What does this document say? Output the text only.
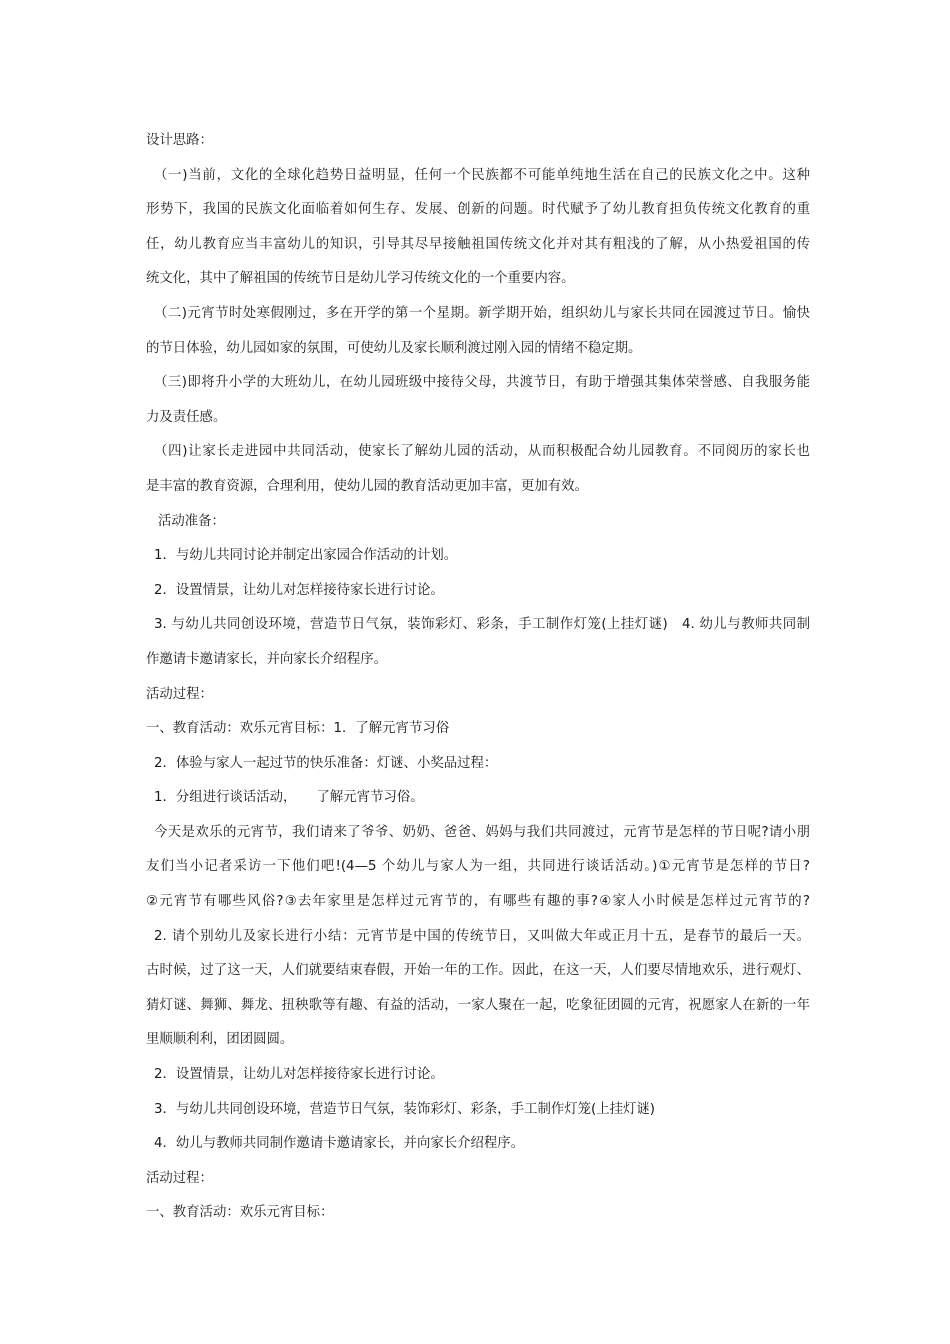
设计思路：
（一)当前，文化的全球化趋势日益明显，任何一个民族都不可能单纯地生活在自己的民族文化之中。这种
形势下，我国的民族文化面临着如何生存、发展、创新的问题。时代赋予了幼儿教育担负传统文化教育的重
任，幼儿教育应当丰富幼儿的知识，引导其尽早接触祖国传统文化并对其有粗浅的了解，从小热爱祖国的传
统文化，其中了解祖国的传统节日是幼儿学习传统文化的一个重要内容。
（二)元宵节时处寒假刚过，多在开学的第一个星期。新学期开始，组织幼儿与家长共同在园渡过节日。愉快
的节日体验，幼儿园如家的氛围，可使幼儿及家长顺利渡过刚入园的情绪不稳定期。
（三)即将升小学的大班幼儿，在幼儿园班级中接待父母，共渡节日，有助于增强其集体荣誉感、自我服务能
力及责任感。
（四)让家长走进园中共同活动，使家长了解幼儿园的活动，从而积极配合幼儿园教育。不同阅历的家长也
是丰富的教育资源，合理利用，使幼儿园的教育活动更加丰富，更加有效。
活动准备：
1．与幼儿共同讨论并制定出家园合作活动的计划。
2．设置情景，让幼儿对怎样接待家长进行讨论。
3. 与幼儿共同创设环境，营造节日气氛，装饰彩灯、彩条，手工制作灯笼(上挂灯谜)　4. 幼儿与教师共同制
作邀请卡邀请家长，并向家长介绍程序。
活动过程：
一、教育活动：欢乐元宵目标：1．了解元宵节习俗
2．体验与家人一起过节的快乐准备：灯谜、小奖品过程：
1．分组进行谈话活动，　　了解元宵节习俗。
今天是欢乐的元宵节，我们请来了爷爷、奶奶、爸爸、妈妈与我们共同渡过，元宵节是怎样的节日呢?请小朋
友们当小记者采访一下他们吧!(4—5 个幼儿与家人为一组，共同进行谈话活动。)①元宵节是怎样的节日?
②元宵节有哪些风俗?③去年家里是怎样过元宵节的，有哪些有趣的事?④家人小时候是怎样过元宵节的?
2. 请个别幼儿及家长进行小结：元宵节是中国的传统节日，又叫做大年或正月十五，是春节的最后一天。
古时候，过了这一天，人们就要结束春假，开始一年的工作。因此，在这一天，人们要尽情地欢乐，进行观灯、
猜灯谜、舞狮、舞龙、扭秧歌等有趣、有益的活动，一家人聚在一起，吃象征团圆的元宵，祝愿家人在新的一年
里顺顺利利，团团圆圆。
2．设置情景，让幼儿对怎样接待家长进行讨论。
3．与幼儿共同创设环境，营造节日气氛，装饰彩灯、彩条，手工制作灯笼(上挂灯谜)
4．幼儿与教师共同制作邀请卡邀请家长，并向家长介绍程序。
活动过程：
一、教育活动：欢乐元宵目标：
